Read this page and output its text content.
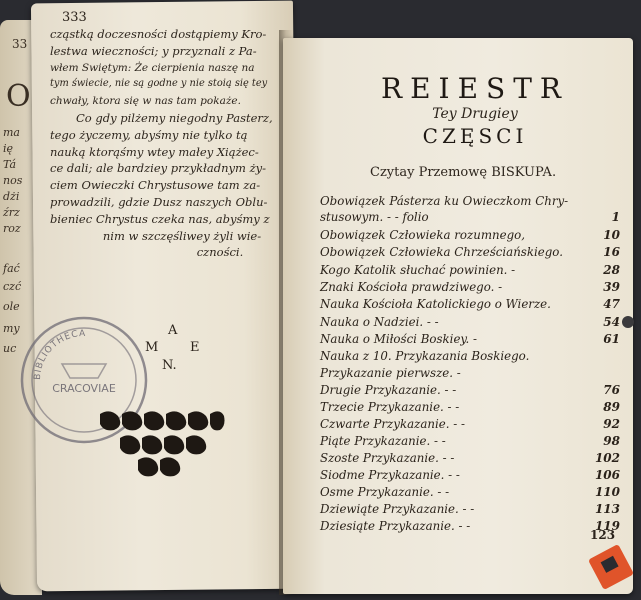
33
O
ma
ię
Tá
nos
dżi
źrz
roz
fać
czć
ole
my
uc
333
cząstką doczesności dostąpiemy Kro-
lestwa wieczności; y przyznali z Pa-
włem Swiętym: Że cierpienia naszę na
tym świecie, nie są godne y nie stoią się tey
chwały, ktora się w nas tam pokaże.
Co gdy pilżemy niegodny Pasterz,
tego życzemy, abyśmy nie tylko tą
nauką ktorąśmy wtey małey Xiążec-
ce dali; ale bardziey przykładnym ży-
ciem Owieczki Chrystusowe tam za-
prowadzili, gdzie Dusz naszych Oblu-
bieniec Chrystus czeka nas, abyśmy z
nim w szczęśliwey żyli wie-
czności.
A
M E
N.
BIBLIOTHECA
CRACOVIAE
REIESTR
Tey Drugiey
CZĘSCI
Czytay Przemowę BISKUPA.
Obowiązek Pásterza ku Owieczkom Chry-
stusowym. - - folio	1
Obowiązek Człowieka rozumnego,	10
Obowiązek Człowieka Chrześciańskiego.	16
Kogo Katolik słuchać powinien. -	28
Znaki Kościoła prawdziwego. -	39
Nauka Kościoła Katolickiego o Wierze.	47
Nauka o Nadziei. - -	54
Nauka o Miłości Boskiey. -	61
Nauka z 10. Przykazania Boskiego.
Przykazanie pierwsze. -
Drugie Przykazanie. - -	76
Trzecie Przykazanie. - -	89
Czwarte Przykazanie. - -	92
Piąte Przykazanie. - -	98
Szoste Przykazanie. - -	102
Siodme Przykazanie. - -	106
Osme Przykazanie. - -	110
Dziewiąte Przykazanie. - -	113
Dziesiąte Przykazanie. - -	119
123
